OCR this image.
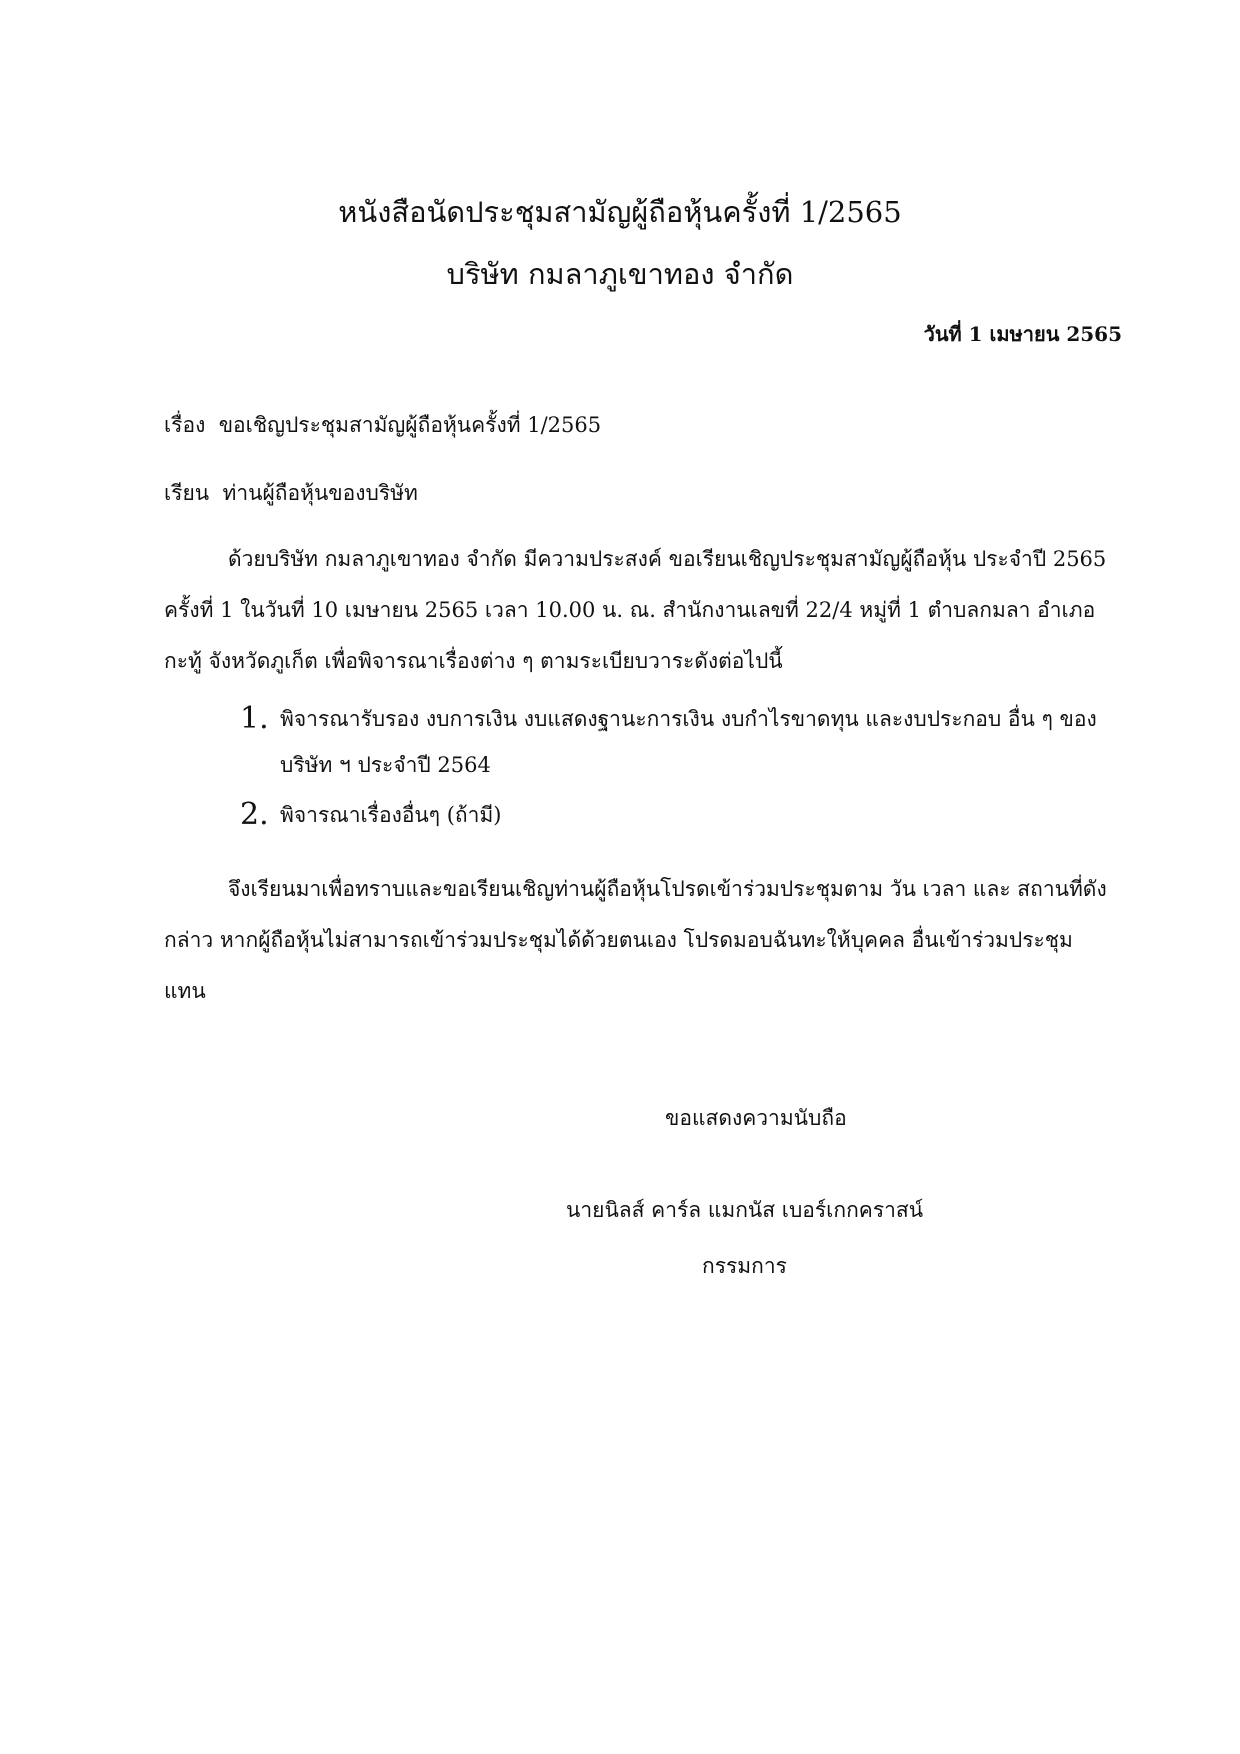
หนังสือนัดประชุมสามัญผู้ถือหุ้นครั้งที่ 1/2565
บริษัท กมลาภูเขาทอง จำกัด
วันที่ 1 เมษายน 2565
เรื่อง ขอเชิญประชุมสามัญผู้ถือหุ้นครั้งที่ 1/2565
เรียน ท่านผู้ถือหุ้นของบริษัท
ด้วยบริษัท กมลาภูเขาทอง จำกัด มีความประสงค์ ขอเรียนเชิญประชุมสามัญผู้ถือหุ้น ประจำปี 2565 ครั้งที่ 1 ในวันที่ 10 เมษายน 2565 เวลา 10.00 น. ณ. สำนักงานเลขที่ 22/4 หมู่ที่ 1 ตำบลกมลา อำเภอกะทู้ จังหวัดภูเก็ต เพื่อพิจารณาเรื่องต่าง ๆ ตามระเบียบวาระดังต่อไปนี้
1. พิจารณารับรอง งบการเงิน งบแสดงฐานะการเงิน งบกำไรขาดทุน และงบประกอบ อื่น ๆ ของบริษัท ฯ ประจำปี 2564
2. พิจารณาเรื่องอื่นๆ (ถ้ามี)
จึงเรียนมาเพื่อทราบและขอเรียนเชิญท่านผู้ถือหุ้นโปรดเข้าร่วมประชุมตาม วัน เวลา และ สถานที่ดังกล่าว หากผู้ถือหุ้นไม่สามารถเข้าร่วมประชุมได้ด้วยตนเอง โปรดมอบฉันทะให้บุคคล อื่นเข้าร่วมประชุมแทน
ขอแสดงความนับถือ
นายนิลส์ คาร์ล แมกนัส เบอร์เกกคราสน์
กรรมการ
